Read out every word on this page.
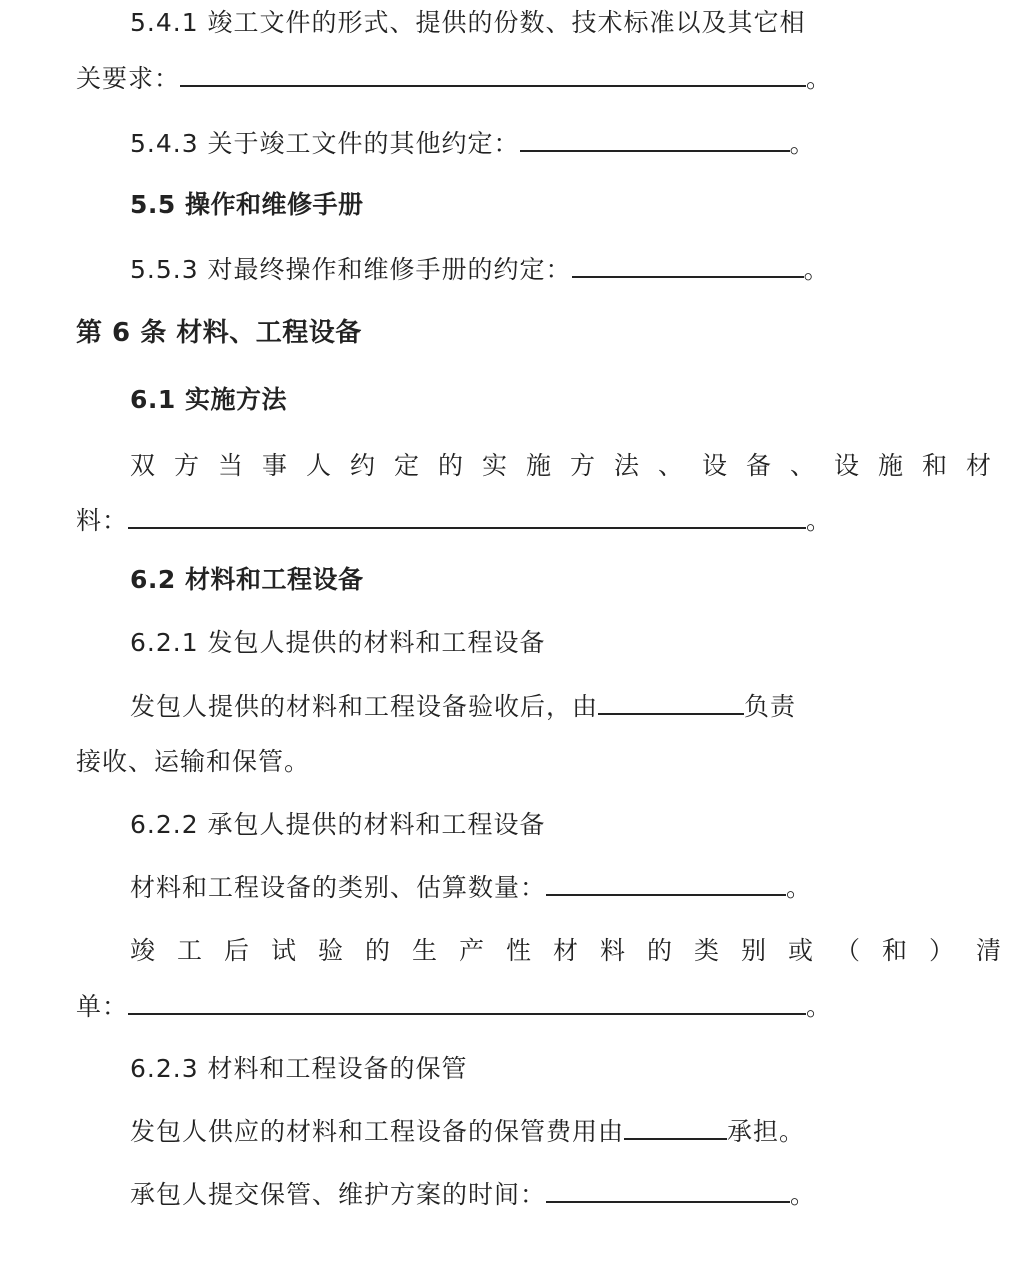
5.4.1 竣工文件的形式、提供的份数、技术标准以及其它相
关要求：	。
5.4.3 关于竣工文件的其他约定：	。
5.5 操作和维修手册
5.5.3 对最终操作和维修手册的约定：	。
第 6 条 材料、工程设备
6.1 实施方法
双方当事人约定的实施方法、设备、设施和材
料：	。
6.2 材料和工程设备
6.2.1 发包人提供的材料和工程设备
发包人提供的材料和工程设备验收后，由	负责
接收、运输和保管。
6.2.2 承包人提供的材料和工程设备
材料和工程设备的类别、估算数量：	。
竣工后试验的生产性材料的类别或（和）清
单：	。
6.2.3 材料和工程设备的保管
发包人供应的材料和工程设备的保管费用由	承担。
承包人提交保管、维护方案的时间：	。
